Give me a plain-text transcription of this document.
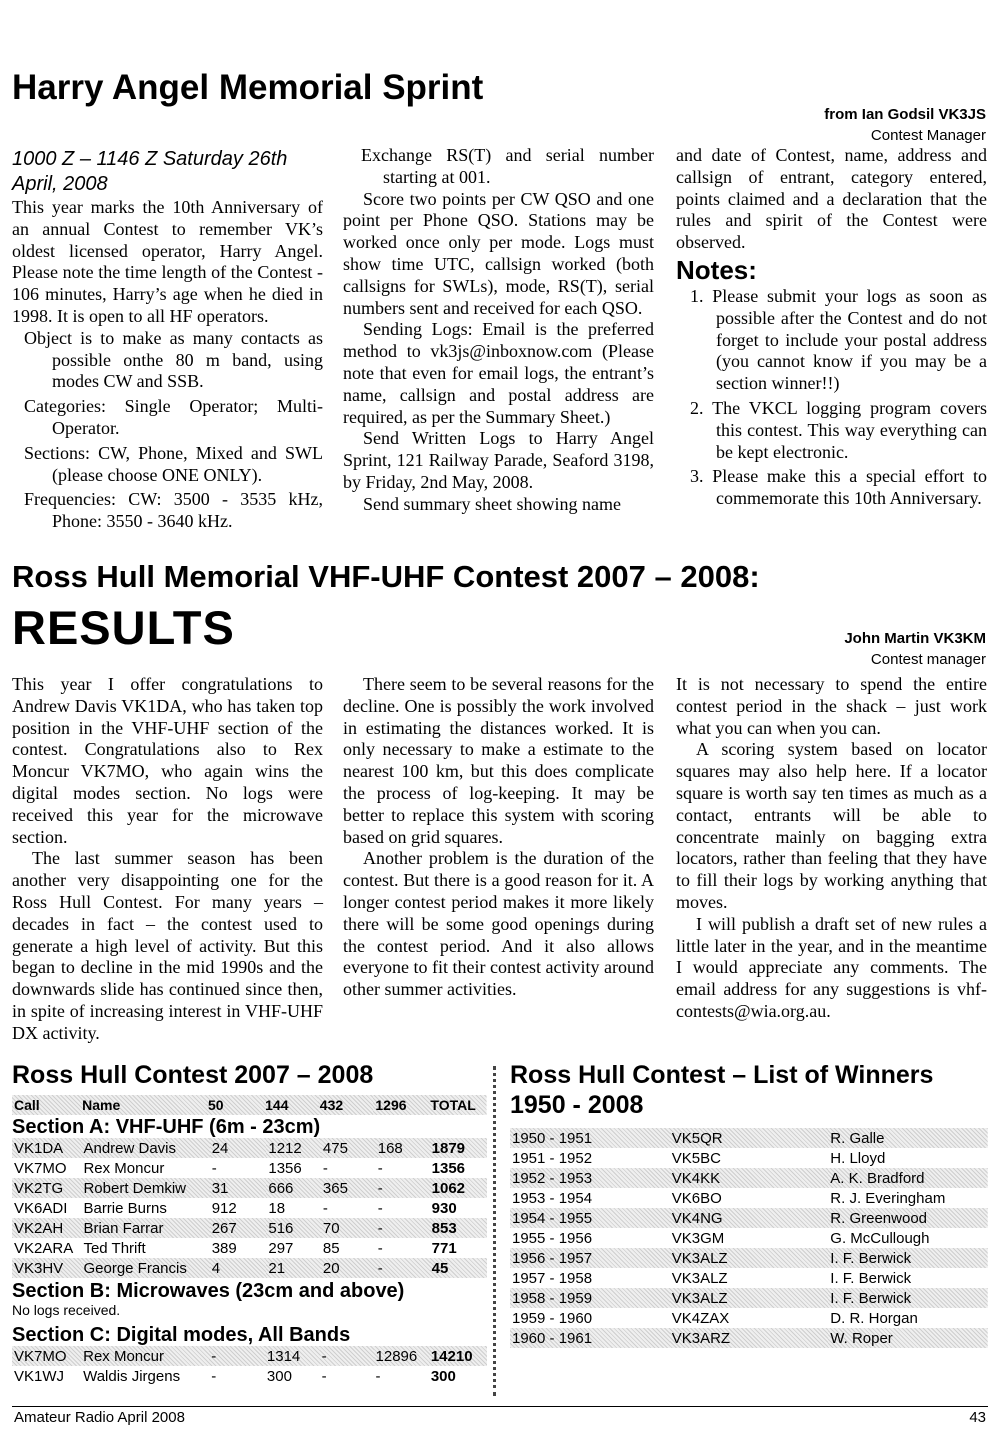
Harry Angel Memorial Sprint
from Ian Godsil VK3JS
Contest Manager

1000 Z – 1146 Z Saturday 26th April, 2008

This year marks the 10th Anniversary of an annual Contest to remember VK’s oldest licensed operator, Harry Angel. Please note the time length of the Contest - 106 minutes, Harry’s age when he died in 1998. It is open to all HF operators.

Object is to make as many contacts as possible onthe 80 m band, using modes CW and SSB.

Categories: Single Operator; Multi-Operator.

Sections: CW, Phone, Mixed and SWL (please choose ONE ONLY).

Frequencies: CW: 3500 - 3535 kHz, Phone: 3550 - 3640 kHz.

Exchange RS(T) and serial number starting at 001.

Score two points per CW QSO and one point per Phone QSO. Stations may be worked once only per mode. Logs must show time UTC, callsign worked (both callsigns for SWLs), mode, RS(T), serial numbers sent and received for each QSO.

Sending Logs: Email is the preferred method to vk3js@inboxnow.com (Please note that even for email logs, the entrant’s name, callsign and postal address are required, as per the Summary Sheet.)

Send Written Logs to Harry Angel Sprint, 121 Railway Parade, Seaford 3198, by Friday, 2nd May, 2008.

Send summary sheet showing name

and date of Contest, name, address and callsign of entrant, category entered, points claimed and a declaration that the rules and spirit of the Contest were observed.

Notes:

1. Please submit your logs as soon as possible after the Contest and do not forget to include your postal address (you cannot know if you may be a section winner!!)

2. The VKCL logging program covers this contest. This way everything can be kept electronic.

3. Please make this a special effort to commemorate this 10th Anniversary.

Ross Hull Memorial VHF-UHF Contest 2007 – 2008:
RESULTS	John Martin VK3KM
Contest manager

This year I offer congratulations to Andrew Davis VK1DA, who has taken top position in the VHF-UHF section of the contest. Congratulations also to Rex Moncur VK7MO, who again wins the digital modes section. No logs were received this year for the microwave section.

The last summer season has been another very disappointing one for the Ross Hull Contest. For many years – decades in fact – the contest used to generate a high level of activity. But this began to decline in the mid 1990s and the downwards slide has continued since then, in spite of increasing interest in VHF-UHF DX activity.

There seem to be several reasons for the decline. One is possibly the work involved in estimating the distances worked. It is only necessary to make a estimate to the nearest 100 km, but this does complicate the process of log-keeping. It may be better to replace this system with scoring based on grid squares.

Another problem is the duration of the contest. But there is a good reason for it. A longer contest period makes it more likely there will be some good openings during the contest period. And it also allows everyone to fit their contest activity around other summer activities.

It is not necessary to spend the entire contest period in the shack – just work what you can when you can.

A scoring system based on locator squares may also help here. If a locator square is worth say ten times as much as a contact, entrants will be able to concentrate mainly on bagging extra locators, rather than feeling that they have to fill their logs by working anything that moves.

I will publish a draft set of new rules a little later in the year, and in the meantime I would appreciate any comments. The email address for any suggestions is vhf-contests@wia.org.au.

Ross Hull Contest 2007 – 2008
Call	Name	50	144	432	1296	TOTAL
Section A: VHF-UHF (6m - 23cm)
VK1DA	Andrew Davis	24	1212	475	168	1879
VK7MO	Rex Moncur	-	1356	-	-	1356
VK2TG	Robert Demkiw	31	666	365	-	1062
VK6ADI	Barrie Burns	912	18	-	-	930
VK2AH	Brian Farrar	267	516	70	-	853
VK2ARA	Ted Thrift	389	297	85	-	771
VK3HV	George Francis	4	21	20	-	45
Section B: Microwaves (23cm and above)
No logs received.
Section C: Digital modes, All Bands
VK7MO	Rex Moncur	-	1314	-	12896	14210
VK1WJ	Waldis Jirgens	-	300	-	-	300
Ross Hull Contest – List of Winners
1950 - 2008
1950 - 1951	VK5QR	R. Galle
1951 - 1952	VK5BC	H. Lloyd
1952 - 1953	VK4KK	A. K. Bradford
1953 - 1954	VK6BO	R. J. Everingham
1954 - 1955	VK4NG	R. Greenwood
1955 - 1956	VK3GM	G. McCullough
1956 - 1957	VK3ALZ	I. F. Berwick
1957 - 1958	VK3ALZ	I. F. Berwick
1958 - 1959	VK3ALZ	I. F. Berwick
1959 - 1960	VK4ZAX	D. R. Horgan
1960 - 1961	VK3ARZ	W. Roper
Amateur Radio April 2008	43
